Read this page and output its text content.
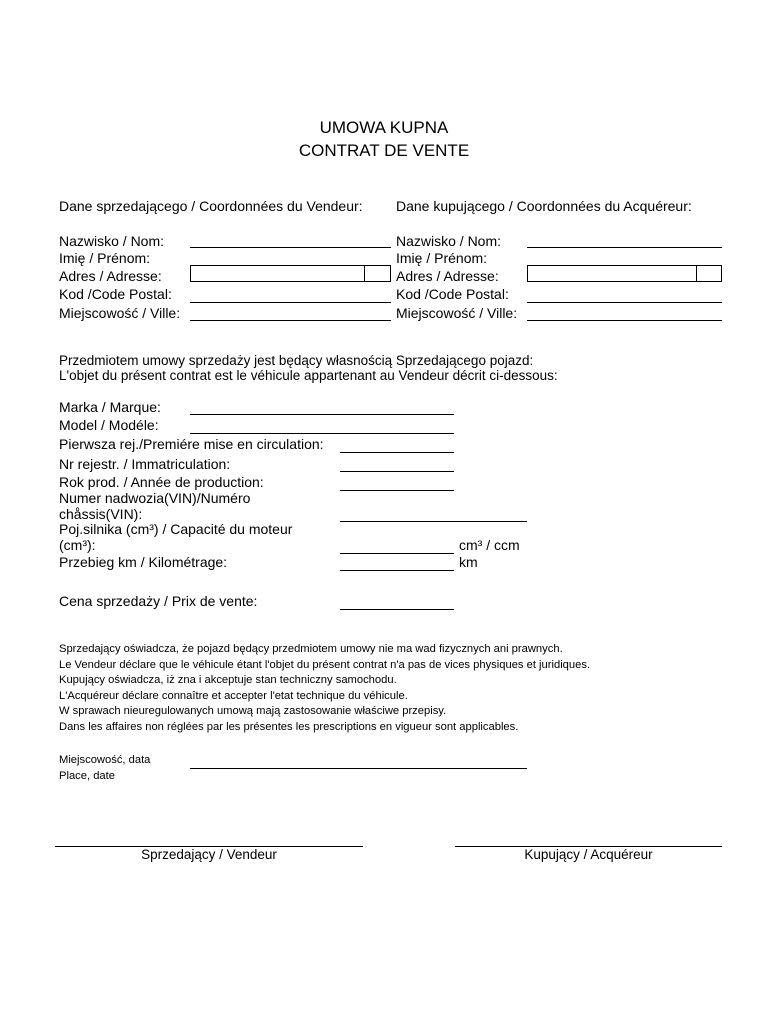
UMOWA KUPNA
CONTRAT DE VENTE
Dane sprzedającego / Coordonnées du Vendeur: Dane kupującego / Coordonnées du Acquéreur:
Nazwisko / Nom:
Imię / Prénom:
Adres / Adresse:
Kod /Code Postal:
Miejscowość / Ville:
Nazwisko / Nom:
Imię / Prénom:
Adres / Adresse:
Kod /Code Postal:
Miejscowość / Ville:
Przedmiotem umowy sprzedaży jest będący własnością Sprzedającego pojazd:
L'objet du présent contrat est le véhicule appartenant au Vendeur décrit ci-dessous:
Marka / Marque:
Model / Modéle:
Pierwsza rej./Premiére mise en circulation:
Nr rejestr. / Immatriculation:
Rok prod. / Année de production:
Numer nadwozia(VIN)/Numéro
chåssis(VIN):
Poj.silnika (cm³) / Capacité du moteur
(cm³):	cm³ / ccm
Przebieg km / Kilométrage:	km
Cena sprzedaży / Prix de vente:
Sprzedający oświadcza, że pojazd będący przedmiotem umowy nie ma wad fizycznych ani prawnych.
Le Vendeur déclare que le véhicule étant l'objet du présent contrat n'a pas de vices physiques et juridiques.
Kupujący oświadcza, iż zna i akceptuje stan techniczny samochodu.
L'Acquéreur déclare connaître et accepter l'etat technique du véhicule.
W sprawach nieuregulowanych umową mają zastosowanie właściwe przepisy.
Dans les affaires non réglées par les présentes les prescriptions en vigueur sont applicables.
Miejscowość, data
Place, date
Sprzedający / Vendeur	Kupujący / Acquéreur
